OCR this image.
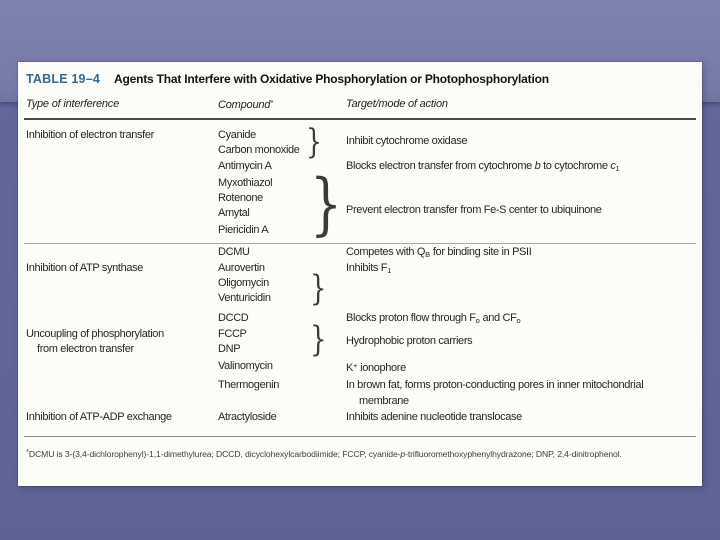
TABLE 19–4 Agents That Interfere with Oxidative Phosphorylation or Photophosphorylation
Type of interference	Compound*	Target/mode of action
Inhibition of electron transfer
Inhibition of ATP synthase
Uncoupling of phosphorylation
from electron transfer
Inhibition of ATP-ADP exchange
Cyanide
Carbon monoxide
Antimycin A
Myxothiazol
Rotenone
Amytal
Piericidin A
DCMU
Aurovertin
Oligomycin
Venturicidin
DCCD
FCCP
DNP
Valinomycin
Thermogenin
Atractyloside
Inhibit cytochrome oxidase
Blocks electron transfer from cytochrome b to cytochrome $c_1$
Prevent electron transfer from Fe-S center to ubiquinone
Competes with $Q_B$ for binding site in PSII
Inhibits $F_1$
Blocks proton flow through $F_o$ and $CF_o$
Hydrophobic proton carriers
K+ ionophore
In brown fat, forms proton-conducting pores in inner mitochondrial
membrane
Inhibits adenine nucleotide translocase
}
}
}
}
*DCMU is 3-(3,4-dichlorophenyl)-1,1-dimethylurea; DCCD, dicyclohexylcarbodiimide; FCCP, cyanide-p-trifluoromethoxyphenylhydrazone; DNP, 2,4-dinitrophenol.
